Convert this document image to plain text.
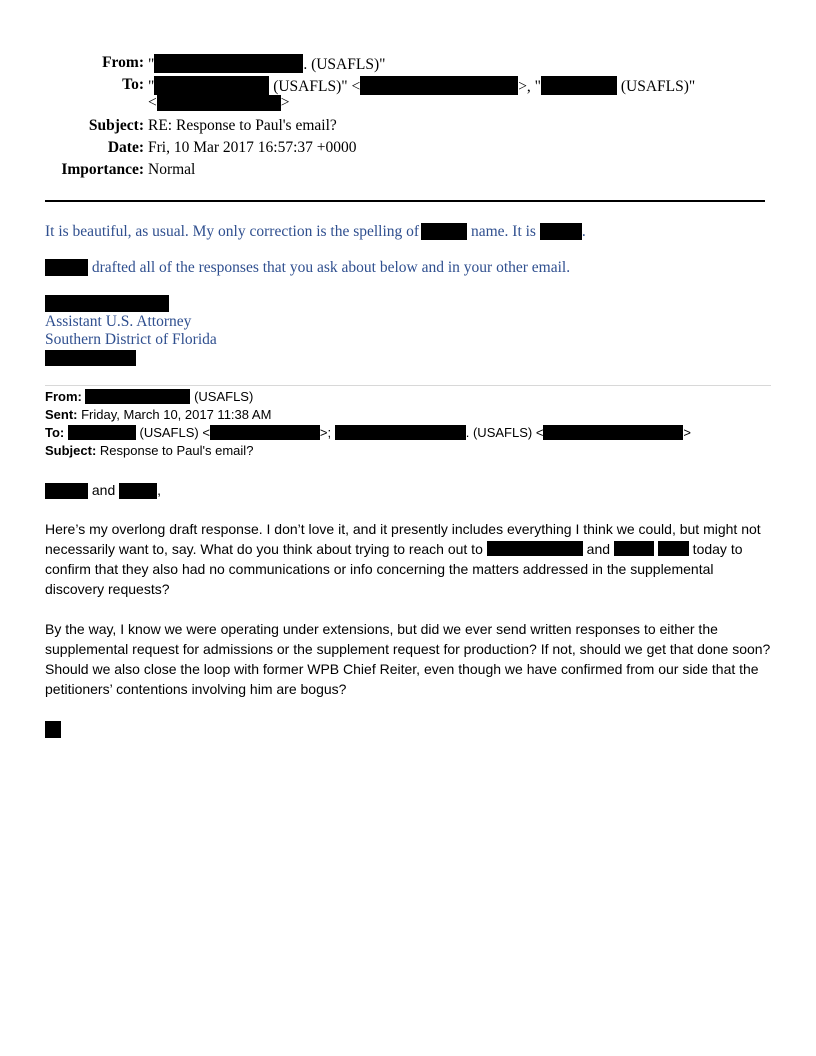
From: "	. (USAFLS)"
To: "	(USAFLS)" <	>, "	(USAFLS)"
<	>
Subject: RE: Response to Paul's email?
Date: Fri, 10 Mar 2017 16:57:37 +0000
Importance: Normal
It is beautiful, as usual. My only correction is the spelling of	name. It is	.
drafted all of the responses that you ask about below and in your other email.
Assistant U.S. Attorney
Southern District of Florida
From:	(USAFLS)
Sent: Friday, March 10, 2017 11:38 AM
To:	(USAFLS) <	>;	. (USAFLS) <	>
Subject: Response to Paul's email?
and	,
Here’s my overlong draft response. I don’t love it, and it presently includes everything I think we could, but might not necessarily want to, say. What do you think about trying to reach out to	and	today to confirm that they also had no communications or info concerning the matters addressed in the supplemental discovery requests?
By the way, I know we were operating under extensions, but did we ever send written responses to either the supplemental request for admissions or the supplement request for production? If not, should we get that done soon? Should we also close the loop with former WPB Chief Reiter, even though we have confirmed from our side that the petitioners’ contentions involving him are bogus?
